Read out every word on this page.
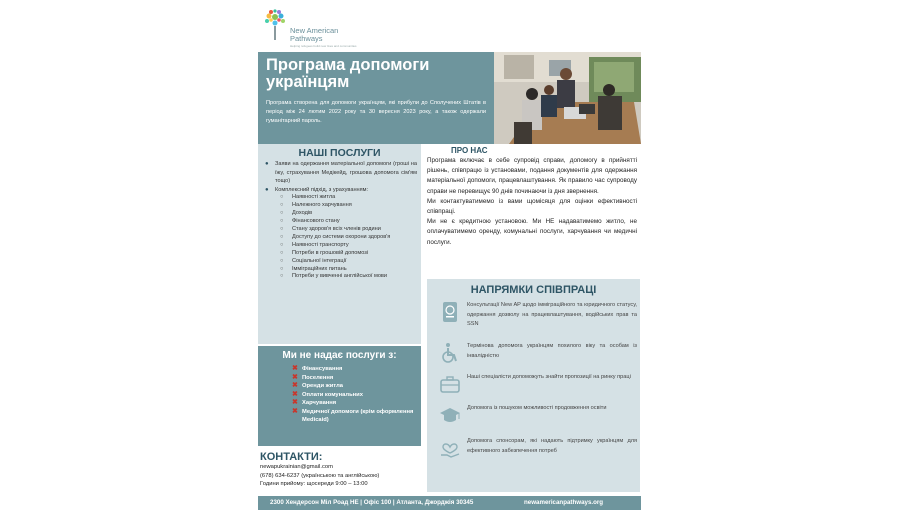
New American
Pathways
Helping refugees build new lives and communities
Програма допомоги українцям
Програма створена для допомоги українцям, які прибули до Сполучених Штатів в період між 24 лютим 2022 року та 30 вересня 2023 року, а також одержали гуманітарний пароль.
НАШІ ПОСЛУГИ
● Заяви на одержання матеріальної допомоги (гроші на їжу, страхування Медікейд, грошова допомога сім'ям тощо)
● Комплексний підхід, з урахуванням:
○ Наявності житла
○ Належного харчування
○ Доходів
○ Фінансового стану
○ Стану здоров'я всіх членів родини
○ Доступу до системи охорони здоров'я
○ Наявності транспорту
○ Потреби в грошовій допомозі
○ Соціальної інтеграції
○ Імміграційних питань
○ Потреби у вивченні англійської мови
Ми не надає послуги з:
✖ Фінансування
✖ Поселення
✖ Оренди житла
✖ Оплати комунальних
✖ Харчування
✖ Медичної допомоги (крім оформлення Medicaid)
КОНТАКТИ:
newapukrainian@gmail.com
(678) 634-6237 (українською та англійською)
Години прийому: щосереди 9:00 – 13:00
ПРО НАС

Програма включає в себе супровід справи, допомогу в прийнятті рішень, співпрацю із установами, подання документів для одержання матеріальної допомоги, працевлаштування. Як правило час супроводу справи не перевищує 90 днів починаючи із дня звернення.

Ми контактуватимемо із вами щомісяця для оцінки ефективності співпраці.

Ми не є кредитною установою. Ми НЕ надаватимемо житло, не оплачуватимемо оренду, комунальні послуги, харчування чи медичні послуги.

НАПРЯМКИ СПІВПРАЦІ
Консультації New AP щодо імміграційного та юридичного статусу, одержання дозволу на працевлаштування, водійських прав та SSN
Термінова допомога українцям похилого віку та особам із інвалідністю
Наші спеціалісти допоможуть знайти пропозиції на ринку праці
Допомога із пошуком можливості продовження освіти
Допомога спонсорам, які надають підтримку українцям для ефективного забезпечення потреб
2300 Хендерсон Міл Роад НЕ | Офіс 100 | Атланта, Джорджія 30345	newamericanpathways.org
